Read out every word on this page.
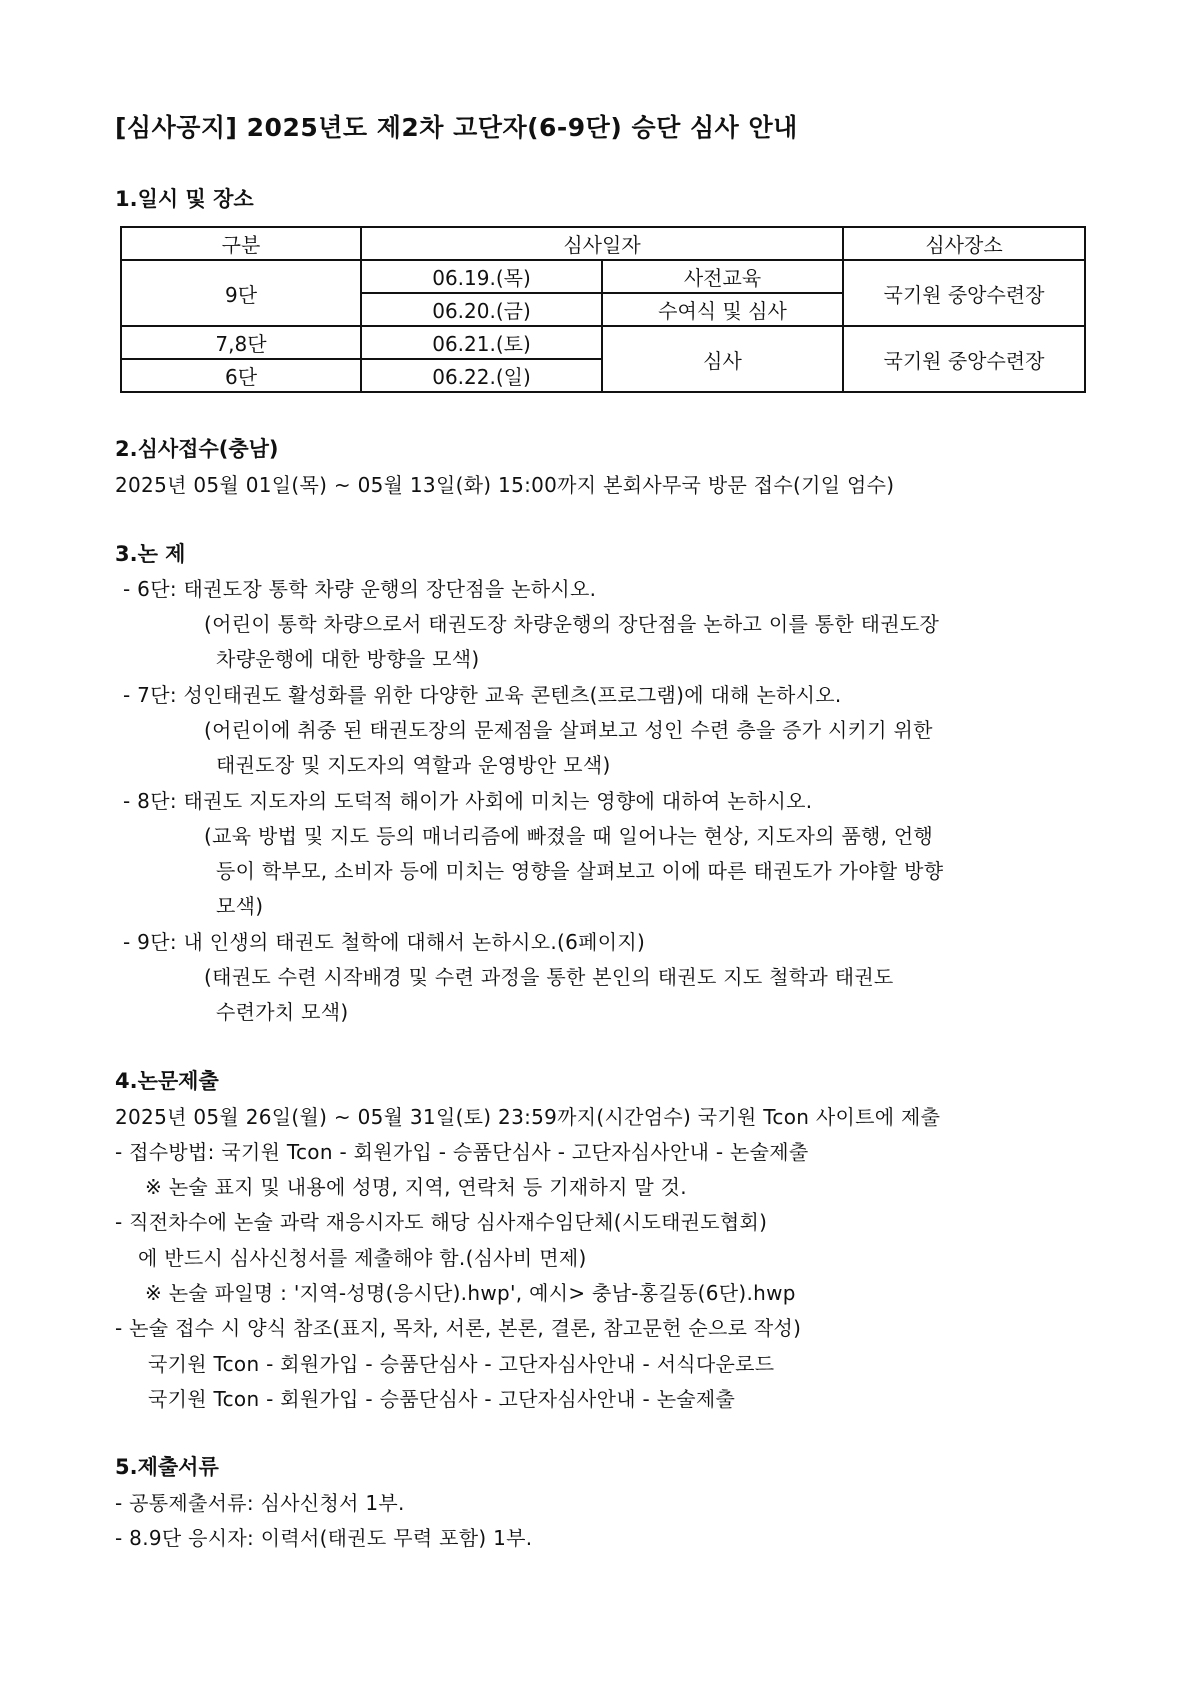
[심사공지] 2025년도 제2차 고단자(6-9단) 승단 심사 안내
1.일시 및 장소
구분	심사일자		심사장소
9단	06.19.(목)	사전교육	국기원 중앙수련장
	06.20.(금)	수여식 및 심사	
7,8단	06.21.(토)	심사	국기원 중앙수련장
6단	06.22.(일)		
2.심사접수(충남)
2025년 05월 01일(목) ~ 05월 13일(화) 15:00까지 본회사무국 방문 접수(기일 엄수)
3.논 제
- 6단: 태권도장 통학 차량 운행의 장단점을 논하시오.
(어린이 통학 차량으로서 태권도장 차량운행의 장단점을 논하고 이를 통한 태권도장
차량운행에 대한 방향을 모색)
- 7단: 성인태권도 활성화를 위한 다양한 교육 콘텐츠(프로그램)에 대해 논하시오.
(어린이에 취중 된 태권도장의 문제점을 살펴보고 성인 수련 층을 증가 시키기 위한
태권도장 및 지도자의 역할과 운영방안 모색)
- 8단: 태권도 지도자의 도덕적 해이가 사회에 미치는 영향에 대하여 논하시오.
(교육 방법 및 지도 등의 매너리즘에 빠졌을 때 일어나는 현상, 지도자의 품행, 언행
등이 학부모, 소비자 등에 미치는 영향을 살펴보고 이에 따른 태권도가 가야할 방향
모색)
- 9단: 내 인생의 태권도 철학에 대해서 논하시오.(6페이지)
(태권도 수련 시작배경 및 수련 과정을 통한 본인의 태권도 지도 철학과 태권도
수련가치 모색)
4.논문제출
2025년 05월 26일(월) ~ 05월 31일(토) 23:59까지(시간엄수) 국기원 Tcon 사이트에 제출
- 접수방법: 국기원 Tcon - 회원가입 - 승품단심사 - 고단자심사안내 - 논술제출
※ 논술 표지 및 내용에 성명, 지역, 연락처 등 기재하지 말 것.
- 직전차수에 논술 과락 재응시자도 해당 심사재수임단체(시도태권도협회)
에 반드시 심사신청서를 제출해야 함.(심사비 면제)
※ 논술 파일명 : '지역-성명(응시단).hwp', 예시> 충남-홍길동(6단).hwp
- 논술 접수 시 양식 참조(표지, 목차, 서론, 본론, 결론, 참고문헌 순으로 작성)
국기원 Tcon - 회원가입 - 승품단심사 - 고단자심사안내 - 서식다운로드
국기원 Tcon - 회원가입 - 승품단심사 - 고단자심사안내 - 논술제출
5.제출서류
- 공통제출서류: 심사신청서 1부.
- 8.9단 응시자: 이력서(태권도 무력 포함) 1부.
